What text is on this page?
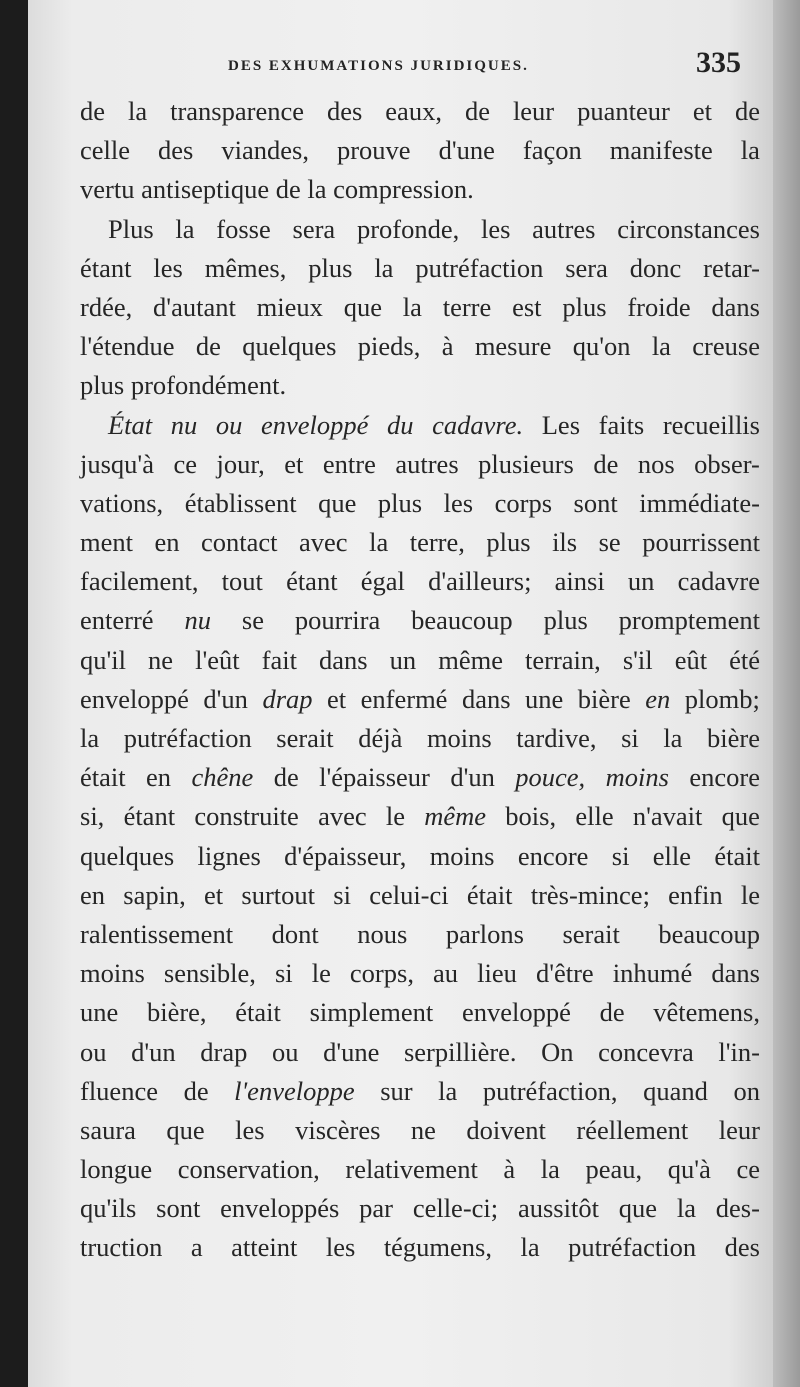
DES EXHUMATIONS JURIDIQUES.	335
de la transparence des eaux, de leur puanteur et de
celle des viandes, prouve d'une façon manifeste la
vertu
antiseptique
de
la
compression.
Plus la fosse sera profonde, les autres circonstances
étant les mêmes, plus la putréfaction sera donc retar-
rdée, d'autant mieux que la terre est plus froide dans
l'étendue de quelques pieds, à mesure qu'on la creuse
plus
profondément.
État nu ou enveloppé du cadavre. Les faits recueillis
jusqu'à ce jour, et entre autres plusieurs de nos obser-
vations, établissent que plus les corps sont immédiate-
ment en contact avec la terre, plus ils se pourrissent
facilement, tout étant égal d'ailleurs; ainsi un cadavre
enterré nu se pourrira beaucoup plus promptement
qu'il ne l'eût fait dans un même terrain, s'il eût été
enveloppé d'un drap et enfermé dans une bière en plomb;
la putréfaction serait déjà moins tardive, si la bière
était en chêne de l'épaisseur d'un pouce, moins encore
si, étant construite avec le même bois, elle n'avait que
quelques lignes d'épaisseur, moins encore si elle était
en sapin, et surtout si celui-ci était très-mince; enfin le
ralentissement dont nous parlons serait beaucoup
moins sensible, si le corps, au lieu d'être inhumé dans
une bière, était simplement enveloppé de vêtemens,
ou d'un drap ou d'une serpillière. On concevra l'in-
fluence de l'enveloppe sur la putréfaction, quand on
saura que les viscères ne doivent réellement leur
longue conservation, relativement à la peau, qu'à ce
qu'ils sont enveloppés par celle-ci; aussitôt que la des-
truction a atteint les tégumens, la putréfaction des
